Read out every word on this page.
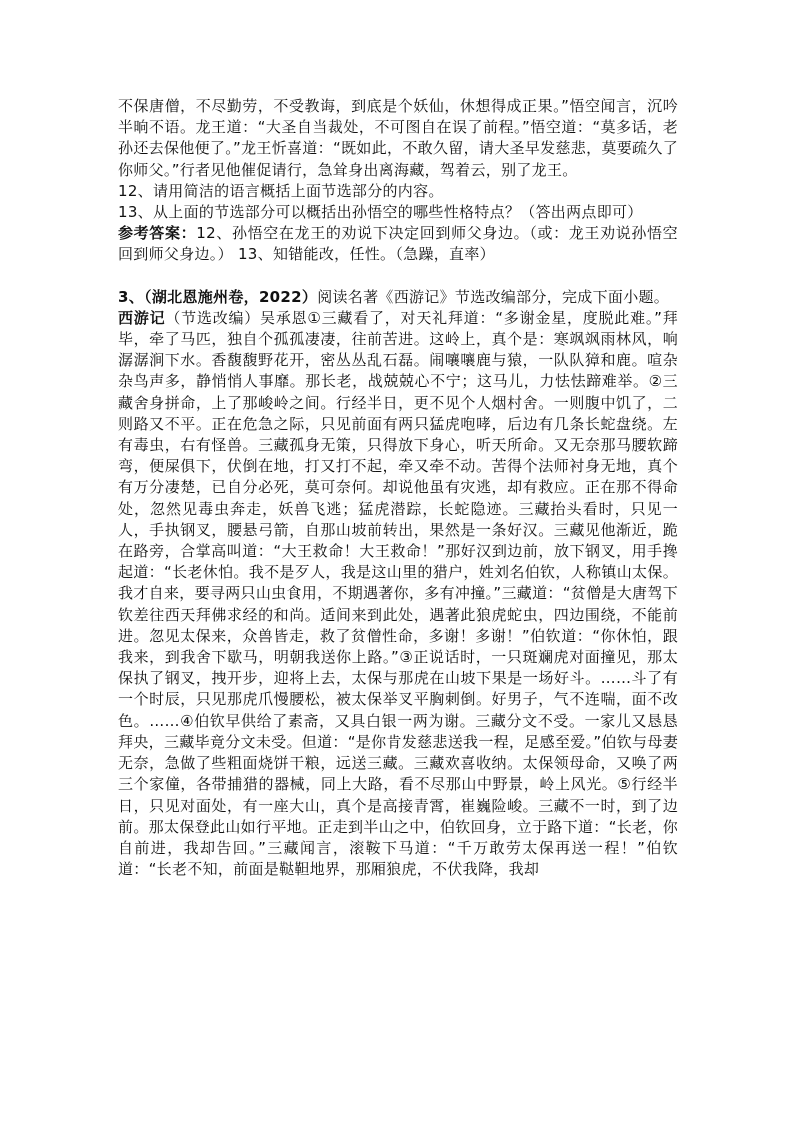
不保唐僧，不尽勤劳，不受教诲，到底是个妖仙，休想得成正果。”悟空闻言，沉吟半晌不语。龙王道：“大圣自当裁处，不可图自在误了前程。”悟空道：“莫多话，老孙还去保他便了。”龙王忻喜道：“既如此，不敢久留，请大圣早发慈悲，莫要疏久了你师父。”行者见他催促请行，急耸身出离海藏，驾着云，别了龙王。

12、请用简洁的语言概括上面节选部分的内容。

13、从上面的节选部分可以概括出孙悟空的哪些性格特点？（答出两点即可）

参考答案：12、孙悟空在龙王的劝说下决定回到师父身边。（或：龙王劝说孙悟空回到师父身边。） 13、知错能改，任性。（急躁，直率）

3、（湖北恩施州卷，2022）阅读名著《西游记》节选改编部分，完成下面小题。

西游记（节选改编）吴承恩①三藏看了，对天礼拜道：“多谢金星，度脱此难。”拜毕，牵了马匹，独自个孤孤凄凄，往前苦进。这岭上，真个是：寒飒飒雨林风，响潺潺涧下水。香馥馥野花开，密丛丛乱石磊。闹嚷嚷鹿与猿，一队队獐和鹿。喧杂杂鸟声多，静悄悄人事靡。那长老，战兢兢心不宁；这马儿，力怯怯蹄难举。②三藏舍身拼命，上了那峻岭之间。行经半日，更不见个人烟村舍。一则腹中饥了，二则路又不平。正在危急之际，只见前面有两只猛虎咆哮，后边有几条长蛇盘绕。左有毒虫，右有怪兽。三藏孤身无策，只得放下身心，听天所命。又无奈那马腰软蹄弯，便屎俱下，伏倒在地，打又打不起，牵又牵不动。苦得个法师衬身无地，真个有万分凄楚，已自分必死，莫可奈何。却说他虽有灾逃，却有救应。正在那不得命处，忽然见毒虫奔走，妖兽飞逃；猛虎潜踪，长蛇隐迹。三藏抬头看时，只见一人，手执钢叉，腰悬弓箭，自那山坡前转出，果然是一条好汉。三藏见他渐近，跪在路旁，合掌高叫道：“大王救命！大王救命！”那好汉到边前，放下钢叉，用手搀起道：“长老休怕。我不是歹人，我是这山里的猎户，姓刘名伯钦，人称镇山太保。我才自来，要寻两只山虫食用，不期遇著你，多有冲撞。”三藏道：“贫僧是大唐驾下钦差往西天拜佛求经的和尚。适间来到此处，遇著此狼虎蛇虫，四边围绕，不能前进。忽见太保来，众兽皆走，救了贫僧性命，多谢！多谢！”伯钦道：“你休怕，跟我来，到我舍下歇马，明朝我送你上路。”③正说话时，一只斑斓虎对面撞见，那太保执了钢叉，拽开步，迎将上去，太保与那虎在山坡下果是一场好斗。……斗了有一个时辰，只见那虎爪慢腰松，被太保举叉平胸刺倒。好男子，气不连喘，面不改色。……④伯钦早供给了素斋，又具白银一两为谢。三藏分文不受。一家儿又恳恳拜央，三藏毕竟分文未受。但道：“是你肯发慈悲送我一程，足感至爱。”伯钦与母妻无奈，急做了些粗面烧饼干粮，远送三藏。三藏欢喜收纳。太保领母命，又唤了两三个家僮，各带捕猎的器械，同上大路，看不尽那山中野景，岭上风光。⑤行经半日，只见对面处，有一座大山，真个是高接青霄，崔巍险峻。三藏不一时，到了边前。那太保登此山如行平地。正走到半山之中，伯钦回身，立于路下道：“长老，你自前进，我却告回。”三藏闻言，滚鞍下马道：“千万敢劳太保再送一程！”伯钦道：“长老不知，前面是鞑靼地界，那厢狼虎，不伏我降，我却
